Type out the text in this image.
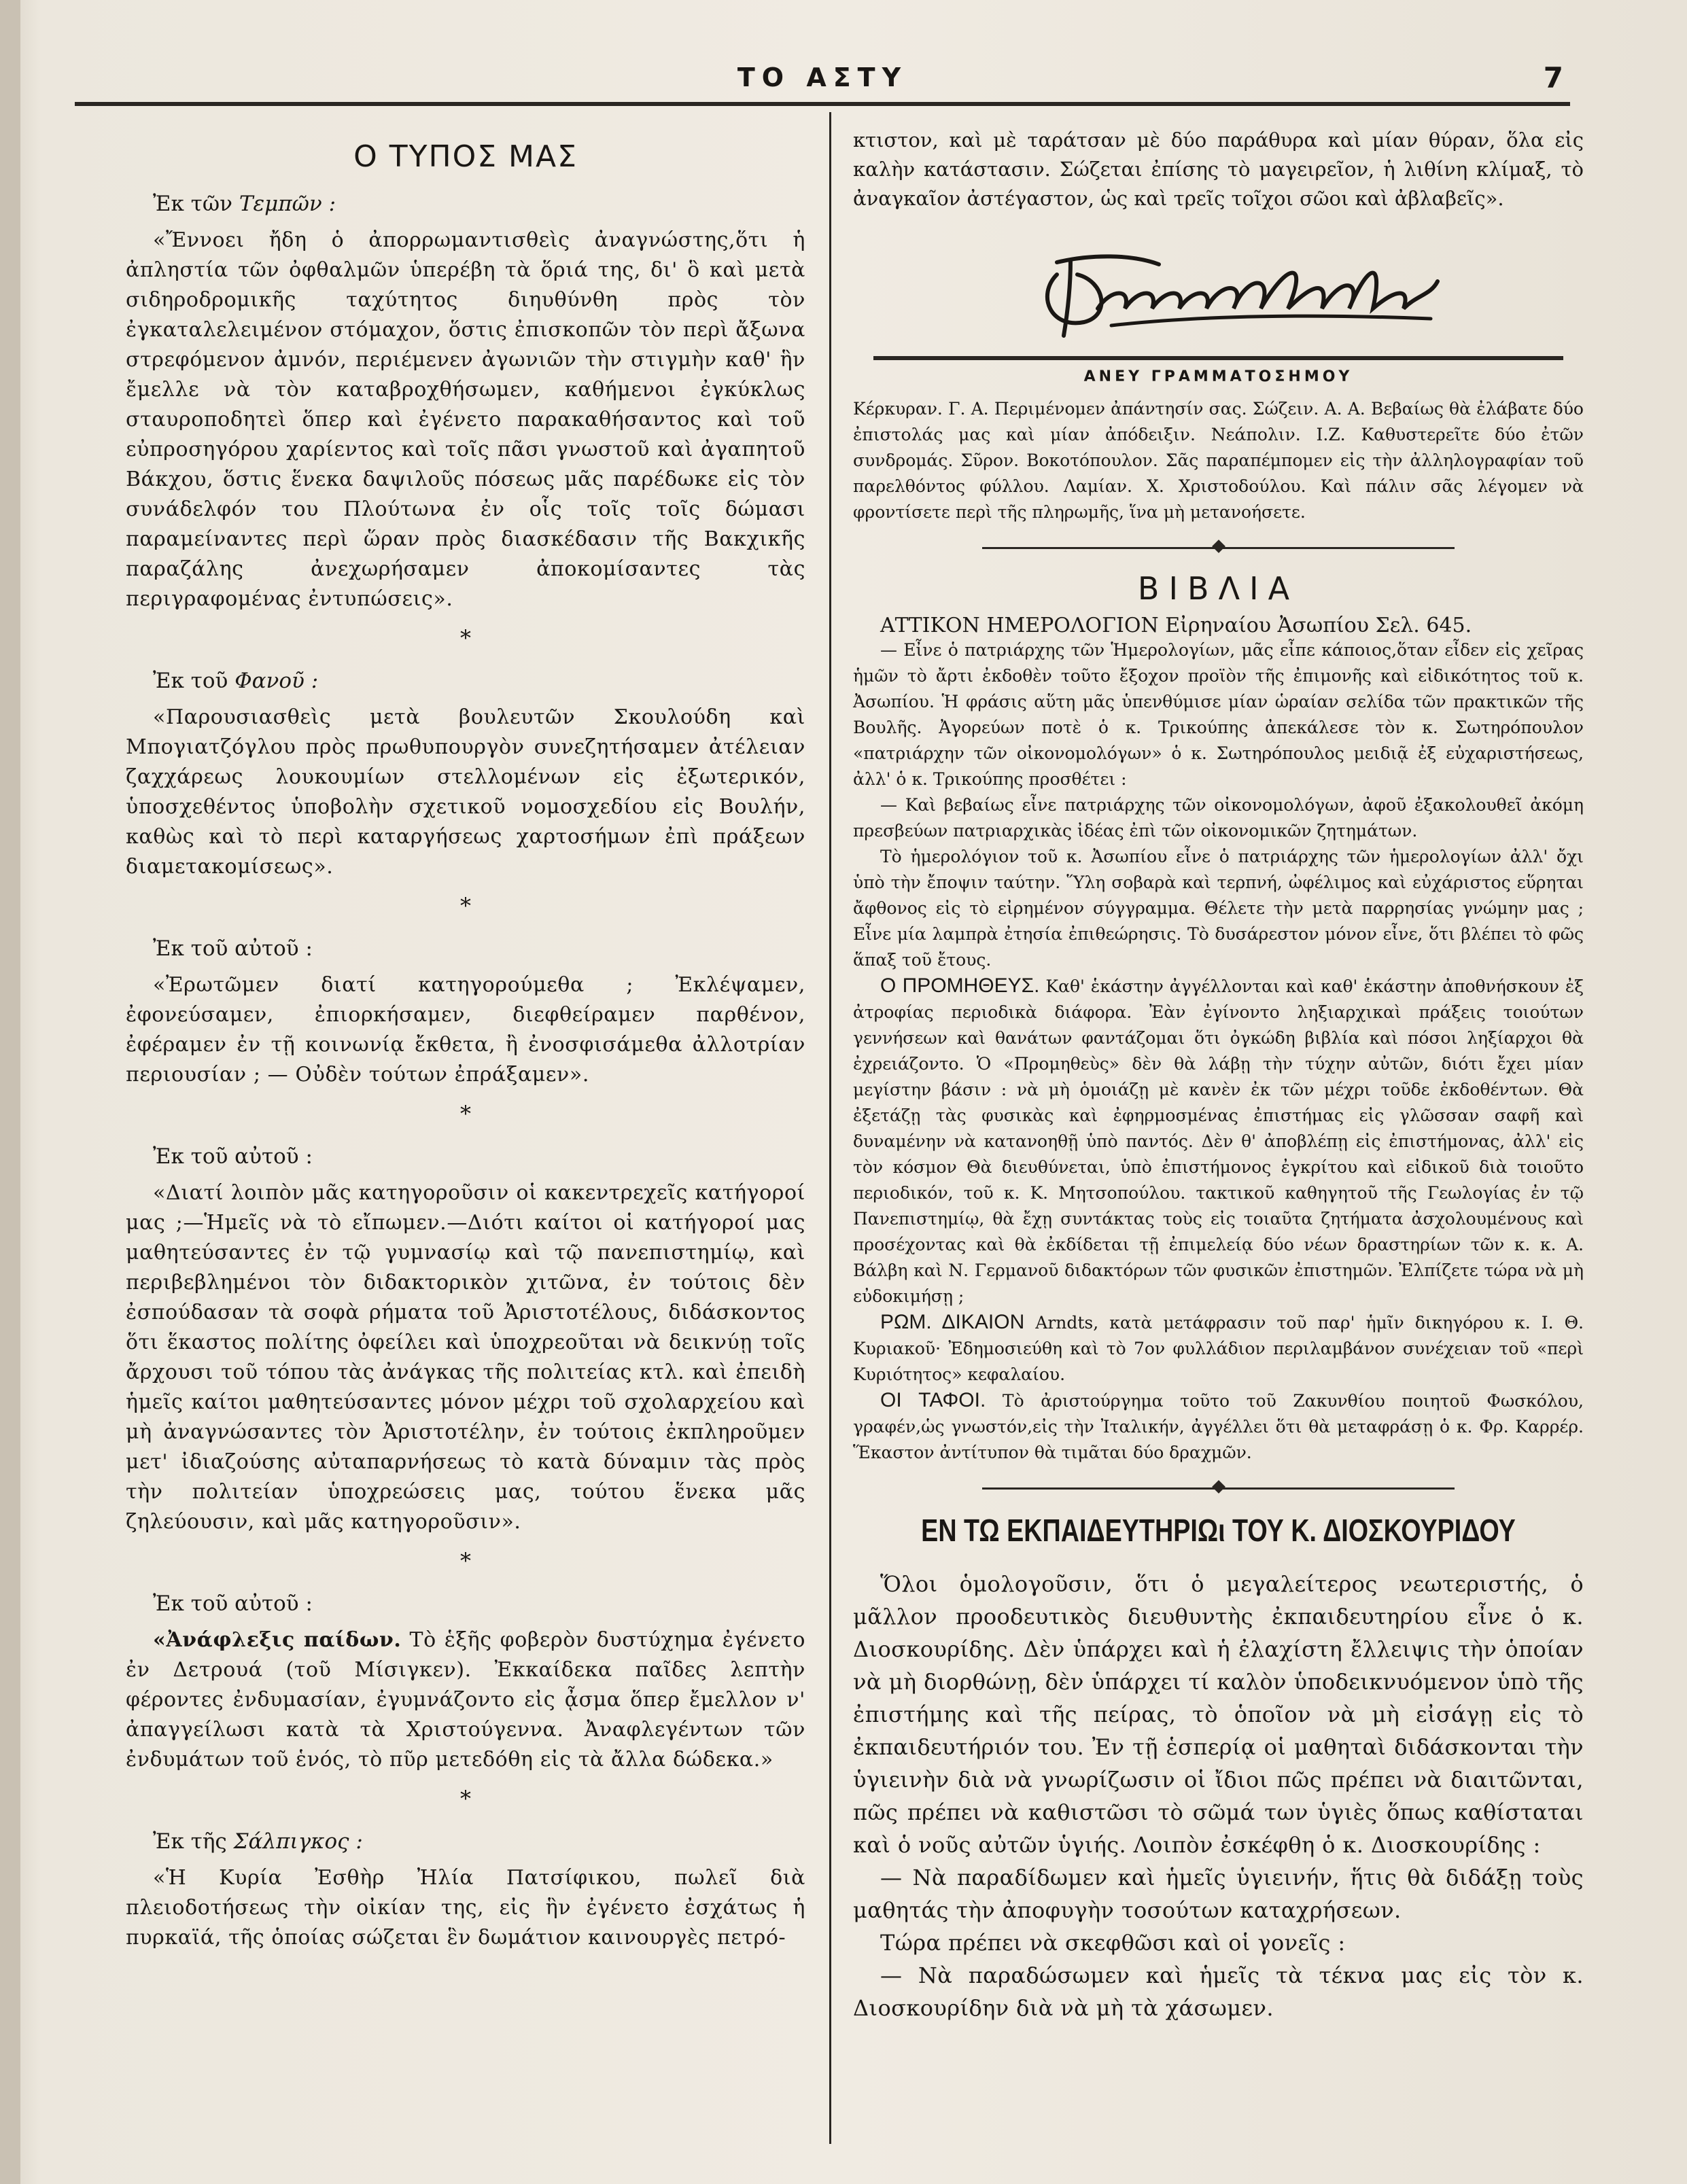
ΤΟ ΑΣΤΥ	7
Ο ΤΥΠΟΣ ΜΑΣ
Ἐκ τῶν Τεμπῶν :

«Ἔννοει ἤδη ὁ ἀπορρωμαντισθεὶς ἀναγνώστης,ὅτι ἡ ἀπληστία τῶν ὀφθαλμῶν ὑπερέβη τὰ ὅριά της, δι' ὃ καὶ μετὰ σιδηροδρομικῆς ταχύτητος διηυθύνθη πρὸς τὸν ἐγκαταλελειμένον στόμαχον, ὅστις ἐπισκοπῶν τὸν περὶ ἄξωνα στρεφόμενον ἀμνόν, περιέμενεν ἀγωνιῶν τὴν στιγμὴν καθ' ἣν ἔμελλε νὰ τὸν καταβροχθήσωμεν, καθήμενοι ἐγκύκλως σταυροποδητεὶ ὅπερ καὶ ἐγένετο παρακαθήσαντος καὶ τοῦ εὐπροσηγόρου χαρίεντος καὶ τοῖς πᾶσι γνωστοῦ καὶ ἀγαπητοῦ Βάκχου, ὅστις ἕνεκα δαψιλοῦς πόσεως μᾶς παρέδωκε εἰς τὸν συνάδελφόν του Πλούτωνα ἐν οἷς τοῖς τοῖς δώμασι παραμείναντες περὶ ὥραν πρὸς διασκέδασιν τῆς Βακχικῆς παραζάλης ἀνεχωρήσαμεν ἀποκομίσαντες τὰς περιγραφομένας ἐντυπώσεις».

*
Ἐκ τοῦ Φανοῦ :

«Παρουσιασθεὶς μετὰ βουλευτῶν Σκουλούδη καὶ Μπογιατζόγλου πρὸς πρωθυπουργὸν συνεζητήσαμεν ἀτέλειαν ζαχχάρεως λουκουμίων στελλομένων εἰς ἐξωτερικόν, ὑποσχεθέντος ὑποβολὴν σχετικοῦ νομοσχεδίου εἰς Βουλήν, καθὼς καὶ τὸ περὶ καταργήσεως χαρτοσήμων ἐπὶ πράξεων διαμετακομίσεως».

*
Ἐκ τοῦ αὐτοῦ :

«Ἐρωτῶμεν διατί κατηγορούμεθα ; Ἐκλέψαμεν, ἐφονεύσαμεν, ἐπιορκήσαμεν, διεφθείραμεν παρθένον, ἐφέραμεν ἐν τῇ κοινωνίᾳ ἔκθετα, ἢ ἐνοσφισάμεθα ἀλλοτρίαν περιουσίαν ; — Οὐδὲν τούτων ἐπράξαμεν».

*
Ἐκ τοῦ αὐτοῦ :

«Διατί λοιπὸν μᾶς κατηγοροῦσιν οἱ κακεντρεχεῖς κατήγοροί μας ;—Ἡμεῖς νὰ τὸ εἴπωμεν.—Διότι καίτοι οἱ κατήγοροί μας μαθητεύσαντες ἐν τῷ γυμνασίῳ καὶ τῷ πανεπιστημίῳ, καὶ περιβεβλημένοι τὸν διδακτορικὸν χιτῶνα, ἐν τούτοις δὲν ἐσπούδασαν τὰ σοφὰ ρήματα τοῦ Ἀριστοτέλους, διδάσκοντος ὅτι ἕκαστος πολίτης ὀφείλει καὶ ὑποχρεοῦται νὰ δεικνύῃ τοῖς ἄρχουσι τοῦ τόπου τὰς ἀνάγκας τῆς πολιτείας κτλ. καὶ ἐπειδὴ ἡμεῖς καίτοι μαθητεύσαντες μόνον μέχρι τοῦ σχολαρχείου καὶ μὴ ἀναγνώσαντες τὸν Ἀριστοτέλην, ἐν τούτοις ἐκπληροῦμεν μετ' ἰδιαζούσης αὐταπαρνήσεως τὸ κατὰ δύναμιν τὰς πρὸς τὴν πολιτείαν ὑποχρεώσεις μας, τούτου ἕνεκα μᾶς ζηλεύουσιν, καὶ μᾶς κατηγοροῦσιν».

*
Ἐκ τοῦ αὐτοῦ :

«Ἀνάφλεξις παίδων. Τὸ ἑξῆς φοβερὸν δυστύχημα ἐγένετο ἐν Δετρουά (τοῦ Μίσιγκεν). Ἐκκαίδεκα παῖδες λεπτὴν φέροντες ἐνδυμασίαν, ἐγυμνάζοντο εἰς ᾆσμα ὅπερ ἔμελλον ν' ἀπαγγείλωσι κατὰ τὰ Χριστούγεννα. Ἀναφλεγέντων τῶν ἐνδυμάτων τοῦ ἑνός, τὸ πῦρ μετεδόθη εἰς τὰ ἄλλα δώδεκα.»

*
Ἐκ τῆς Σάλπιγκος :

«Ἡ Κυρία Ἐσθὴρ Ἠλία Πατσίφικου, πωλεῖ διὰ πλειοδοτήσεως τὴν οἰκίαν της, εἰς ἣν ἐγένετο ἐσχάτως ἡ πυρκαϊά, τῆς ὁποίας σώζεται ἓν δωμάτιον καινουργὲς πετρό-

κτιστον, καὶ μὲ ταράτσαν μὲ δύο παράθυρα καὶ μίαν θύραν, ὅλα εἰς καλὴν κατάστασιν. Σώζεται ἐπίσης τὸ μαγειρεῖον, ἡ λιθίνη κλίμαξ, τὸ ἀναγκαῖον ἀστέγαστον, ὡς καὶ τρεῖς τοῖχοι σῶοι καὶ ἀβλαβεῖς».

ΑΝΕΥ ΓΡΑΜΜΑΤΟΣΗΜΟΥ

Κέρκυραν. Γ. Α. Περιμένομεν ἀπάντησίν σας. Σώζειν. Α. Α. Βεβαίως θὰ ἐλάβατε δύο ἐπιστολάς μας καὶ μίαν ἀπόδειξιν. Νεάπολιν. Ι.Ζ. Καθυστερεῖτε δύο ἐτῶν συνδρομάς. Σῦρον. Βοκοτόπουλον. Σᾶς παραπέμπομεν εἰς τὴν ἀλληλογραφίαν τοῦ παρελθόντος φύλλου. Λαμίαν. Χ. Χριστοδούλου. Καὶ πάλιν σᾶς λέγομεν νὰ φροντίσετε περὶ τῆς πληρωμῆς, ἵνα μὴ μετανοήσετε.

ΒΙΒΛΙΑ
ΑΤΤΙΚΟΝ ΗΜΕΡΟΛΟΓΙΟΝ Εἰρηναίου Ἀσωπίου Σελ. 645.

— Εἶνε ὁ πατριάρχης τῶν Ἡμερολογίων, μᾶς εἶπε κάποιος,ὅταν εἶδεν εἰς χεῖρας ἡμῶν τὸ ἄρτι ἐκδοθὲν τοῦτο ἔξοχον προϊὸν τῆς ἐπιμονῆς καὶ εἰδικότητος τοῦ κ. Ἀσωπίου. Ἡ φράσις αὕτη μᾶς ὑπενθύμισε μίαν ὡραίαν σελίδα τῶν πρακτικῶν τῆς Βουλῆς. Ἀγορεύων ποτὲ ὁ κ. Τρικούπης ἀπεκάλεσε τὸν κ. Σωτηρόπουλον «πατριάρχην τῶν οἰκονομολόγων» ὁ κ. Σωτηρόπουλος μειδιᾷ ἐξ εὐχαριστήσεως, ἀλλ' ὁ κ. Τρικούπης προσθέτει :

— Καὶ βεβαίως εἶνε πατριάρχης τῶν οἰκονομολόγων, ἀφοῦ ἐξακολουθεῖ ἀκόμη πρεσβεύων πατριαρχικὰς ἰδέας ἐπὶ τῶν οἰκονομικῶν ζητημάτων.

Τὸ ἡμερολόγιον τοῦ κ. Ἀσωπίου εἶνε ὁ πατριάρχης τῶν ἡμερολογίων ἀλλ' ὄχι ὑπὸ τὴν ἔποψιν ταύτην. Ὕλη σοβαρὰ καὶ τερπνή, ὠφέλιμος καὶ εὐχάριστος εὕρηται ἄφθονος εἰς τὸ εἰρημένον σύγγραμμα. Θέλετε τὴν μετὰ παρρησίας γνώμην μας ; Εἶνε μία λαμπρὰ ἐτησία ἐπιθεώρησις. Τὸ δυσάρεστον μόνον εἶνε, ὅτι βλέπει τὸ φῶς ἅπαξ τοῦ ἔτους.

Ο ΠΡΟΜΗΘΕΥΣ. Καθ' ἑκάστην ἀγγέλλονται καὶ καθ' ἑκάστην ἀποθνήσκουν ἐξ ἀτροφίας περιοδικὰ διάφορα. Ἐὰν ἐγίνοντο ληξιαρχικαὶ πράξεις τοιούτων γεννήσεων καὶ θανάτων φαντάζομαι ὅτι ὀγκώδη βιβλία καὶ πόσοι ληξίαρχοι θὰ ἐχρειάζοντο. Ὁ «Προμηθεὺς» δὲν θὰ λάβῃ τὴν τύχην αὐτῶν, διότι ἔχει μίαν μεγίστην βάσιν : νὰ μὴ ὁμοιάζῃ μὲ κανὲν ἐκ τῶν μέχρι τοῦδε ἐκδοθέντων. Θὰ ἐξετάζῃ τὰς φυσικὰς καὶ ἐφηρμοσμένας ἐπιστήμας εἰς γλῶσσαν σαφῆ καὶ δυναμένην νὰ κατανοηθῇ ὑπὸ παντός. Δὲν θ' ἀποβλέπῃ εἰς ἐπιστήμονας, ἀλλ' εἰς τὸν κόσμον Θὰ διευθύνεται, ὑπὸ ἐπιστήμονος ἐγκρίτου καὶ εἰδικοῦ διὰ τοιοῦτο περιοδικόν, τοῦ κ. Κ. Μητσοπούλου. τακτικοῦ καθηγητοῦ τῆς Γεωλογίας ἐν τῷ Πανεπιστημίῳ, θὰ ἔχῃ συντάκτας τοὺς εἰς τοιαῦτα ζητήματα ἀσχολουμένους καὶ προσέχοντας καὶ θὰ ἐκδίδεται τῇ ἐπιμελείᾳ δύο νέων δραστηρίων τῶν κ. κ. Α. Βάλβη καὶ Ν. Γερμανοῦ διδακτόρων τῶν φυσικῶν ἐπιστημῶν. Ἐλπίζετε τώρα νὰ μὴ εὐδοκιμήσῃ ;

ΡΩΜ. ΔΙΚΑΙΟΝ Arndts, κατὰ μετάφρασιν τοῦ παρ' ἡμῖν δικηγόρου κ. Ι. Θ. Κυριακοῦ· Ἐδημοσιεύθη καὶ τὸ 7ον φυλλάδιον περιλαμβάνον συνέχειαν τοῦ «περὶ Κυριότητος» κεφαλαίου.

ΟΙ ΤΑΦΟΙ. Τὸ ἀριστούργημα τοῦτο τοῦ Ζακυνθίου ποιητοῦ Φωσκόλου, γραφέν,ὡς γνωστόν,εἰς τὴν Ἰταλικήν, ἀγγέλλει ὅτι θὰ μεταφράσῃ ὁ κ. Φρ. Καρρέρ. Ἕκαστον ἀντίτυπον θὰ τιμᾶται δύο δραχμῶν.

ΕΝ ΤΩ ΕΚΠΑΙΔΕΥΤΗΡΙΩι ΤΟΥ Κ. ΔΙΟΣΚΟΥΡΙΔΟΥ

Ὅλοι ὁμολογοῦσιν, ὅτι ὁ μεγαλείτερος νεωτεριστής, ὁ μᾶλλον προοδευτικὸς διευθυντὴς ἐκπαιδευτηρίου εἶνε ὁ κ. Διοσκουρίδης. Δὲν ὑπάρχει καὶ ἡ ἐλαχίστη ἔλλειψις τὴν ὁποίαν νὰ μὴ διορθώνῃ, δὲν ὑπάρχει τί καλὸν ὑποδεικνυόμενον ὑπὸ τῆς ἐπιστήμης καὶ τῆς πείρας, τὸ ὁποῖον νὰ μὴ εἰσάγῃ εἰς τὸ ἐκπαιδευτήριόν του. Ἐν τῇ ἑσπερίᾳ οἱ μαθηταὶ διδάσκονται τὴν ὑγιεινὴν διὰ νὰ γνωρίζωσιν οἱ ἴδιοι πῶς πρέπει νὰ διαιτῶνται, πῶς πρέπει νὰ καθιστῶσι τὸ σῶμά των ὑγιὲς ὅπως καθίσταται καὶ ὁ νοῦς αὐτῶν ὑγιής. Λοιπὸν ἐσκέφθη ὁ κ. Διοσκουρίδης :

— Νὰ παραδίδωμεν καὶ ἡμεῖς ὑγιεινήν, ἥτις θὰ διδάξῃ τοὺς μαθητάς τὴν ἀποφυγὴν τοσούτων καταχρήσεων.

Τώρα πρέπει νὰ σκεφθῶσι καὶ οἱ γονεῖς :

— Νὰ παραδώσωμεν καὶ ἡμεῖς τὰ τέκνα μας εἰς τὸν κ. Διοσκουρίδην διὰ νὰ μὴ τὰ χάσωμεν.
